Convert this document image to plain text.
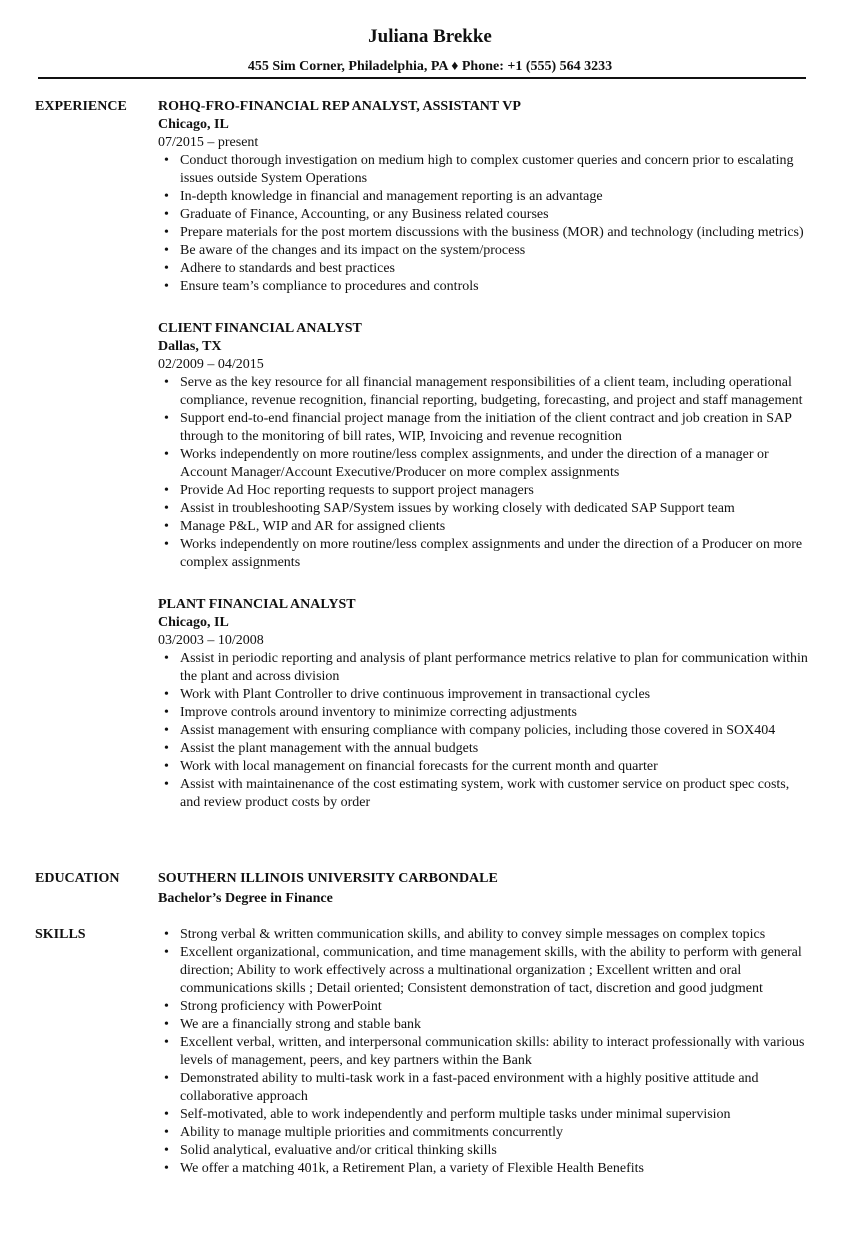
Juliana Brekke
455 Sim Corner, Philadelphia, PA ♦ Phone: +1 (555) 564 3233
EXPERIENCE ROHQ-FRO-FINANCIAL REP ANALYST, ASSISTANT VP
Chicago, IL
07/2015 – present
• Conduct thorough investigation on medium high to complex customer queries and concern prior to escalating issues outside System Operations
• In-depth knowledge in financial and management reporting is an advantage
• Graduate of Finance, Accounting, or any Business related courses
• Prepare materials for the post mortem discussions with the business (MOR) and technology (including metrics)
• Be aware of the changes and its impact on the system/process
• Adhere to standards and best practices
• Ensure team’s compliance to procedures and controls
CLIENT FINANCIAL ANALYST
Dallas, TX
02/2009 – 04/2015
• Serve as the key resource for all financial management responsibilities of a client team, including operational compliance, revenue recognition, financial reporting, budgeting, forecasting, and project and staff management
• Support end-to-end financial project manage from the initiation of the client contract and job creation in SAP through to the monitoring of bill rates, WIP, Invoicing and revenue recognition
• Works independently on more routine/less complex assignments, and under the direction of a manager or Account Manager/Account Executive/Producer on more complex assignments
• Provide Ad Hoc reporting requests to support project managers
• Assist in troubleshooting SAP/System issues by working closely with dedicated SAP Support team
• Manage P&L, WIP and AR for assigned clients
• Works independently on more routine/less complex assignments and under the direction of a Producer on more complex assignments
PLANT FINANCIAL ANALYST
Chicago, IL
03/2003 – 10/2008
• Assist in periodic reporting and analysis of plant performance metrics relative to plan for communication within the plant and across division
• Work with Plant Controller to drive continuous improvement in transactional cycles
• Improve controls around inventory to minimize correcting adjustments
• Assist management with ensuring compliance with company policies, including those covered in SOX404
• Assist the plant management with the annual budgets
• Work with local management on financial forecasts for the current month and quarter
• Assist with maintainenance of the cost estimating system, work with customer service on product spec costs, and review product costs by order
EDUCATION	SOUTHERN ILLINOIS UNIVERSITY CARBONDALE
Bachelor’s Degree in Finance
SKILLS	• Strong verbal & written communication skills, and ability to convey simple messages on complex topics
• Excellent organizational, communication, and time management skills, with the ability to perform with general direction; Ability to work effectively across a multinational organization ; Excellent written and oral communications skills ; Detail oriented; Consistent demonstration of tact, discretion and good judgment
• Strong proficiency with PowerPoint
• We are a financially strong and stable bank
• Excellent verbal, written, and interpersonal communication skills: ability to interact professionally with various levels of management, peers, and key partners within the Bank
• Demonstrated ability to multi-task work in a fast-paced environment with a highly positive attitude and collaborative approach
• Self-motivated, able to work independently and perform multiple tasks under minimal supervision
• Ability to manage multiple priorities and commitments concurrently
• Solid analytical, evaluative and/or critical thinking skills
• We offer a matching 401k, a Retirement Plan, a variety of Flexible Health Benefits
